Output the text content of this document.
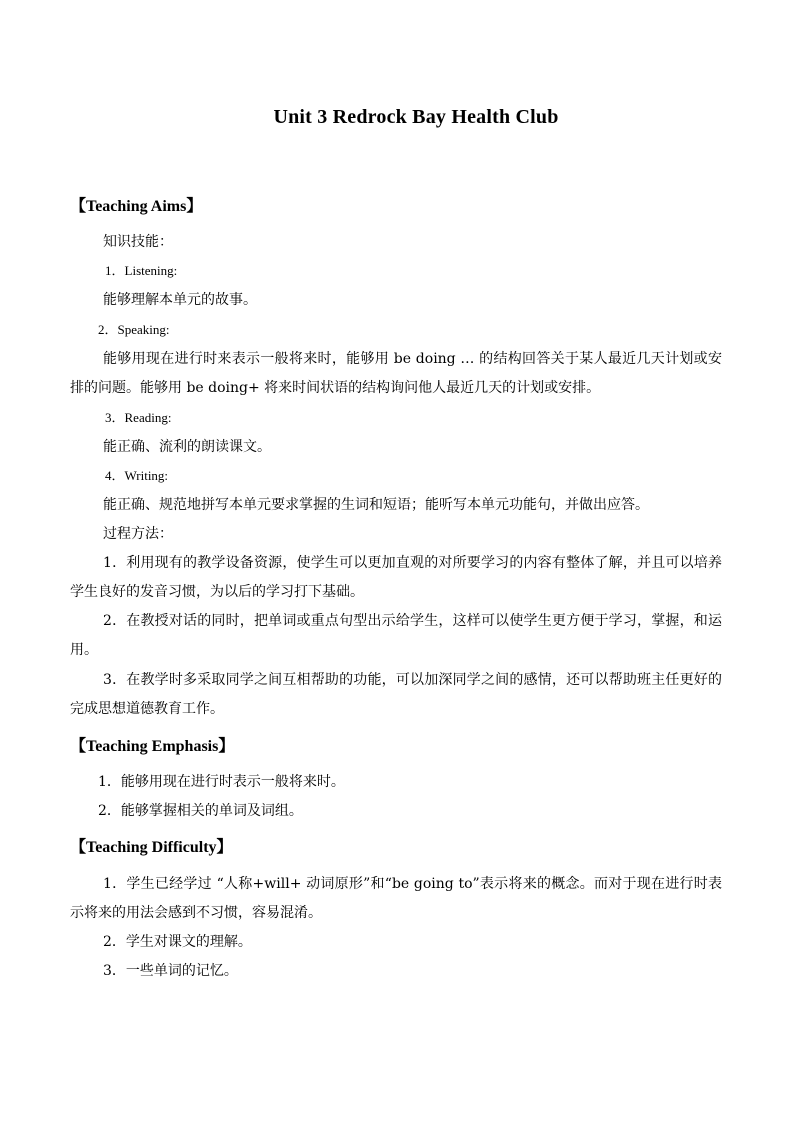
Unit 3 Redrock Bay Health Club
【Teaching Aims】
知识技能：
1．Listening:
能够理解本单元的故事。
2．Speaking:
能够用现在进行时来表示一般将来时，能够用 be doing … 的结构回答关于某人最近几天计划或安排的问题。能够用 be doing+ 将来时间状语的结构询问他人最近几天的计划或安排。
3．Reading:
能正确、流利的朗读课文。
4．Writing:
能正确、规范地拼写本单元要求掌握的生词和短语；能听写本单元功能句，并做出应答。
过程方法：
1．利用现有的教学设备资源，使学生可以更加直观的对所要学习的内容有整体了解，并且可以培养学生良好的发音习惯，为以后的学习打下基础。
2．在教授对话的同时，把单词或重点句型出示给学生，这样可以使学生更方便于学习，掌握，和运用。
3．在教学时多采取同学之间互相帮助的功能，可以加深同学之间的感情，还可以帮助班主任更好的完成思想道德教育工作。
【Teaching Emphasis】
1．能够用现在进行时表示一般将来时。
2．能够掌握相关的单词及词组。
【Teaching Difficulty】
1．学生已经学过 “人称+will+ 动词原形”和“be going to”表示将来的概念。而对于现在进行时表示将来的用法会感到不习惯，容易混淆。
2．学生对课文的理解。
3．一些单词的记忆。
